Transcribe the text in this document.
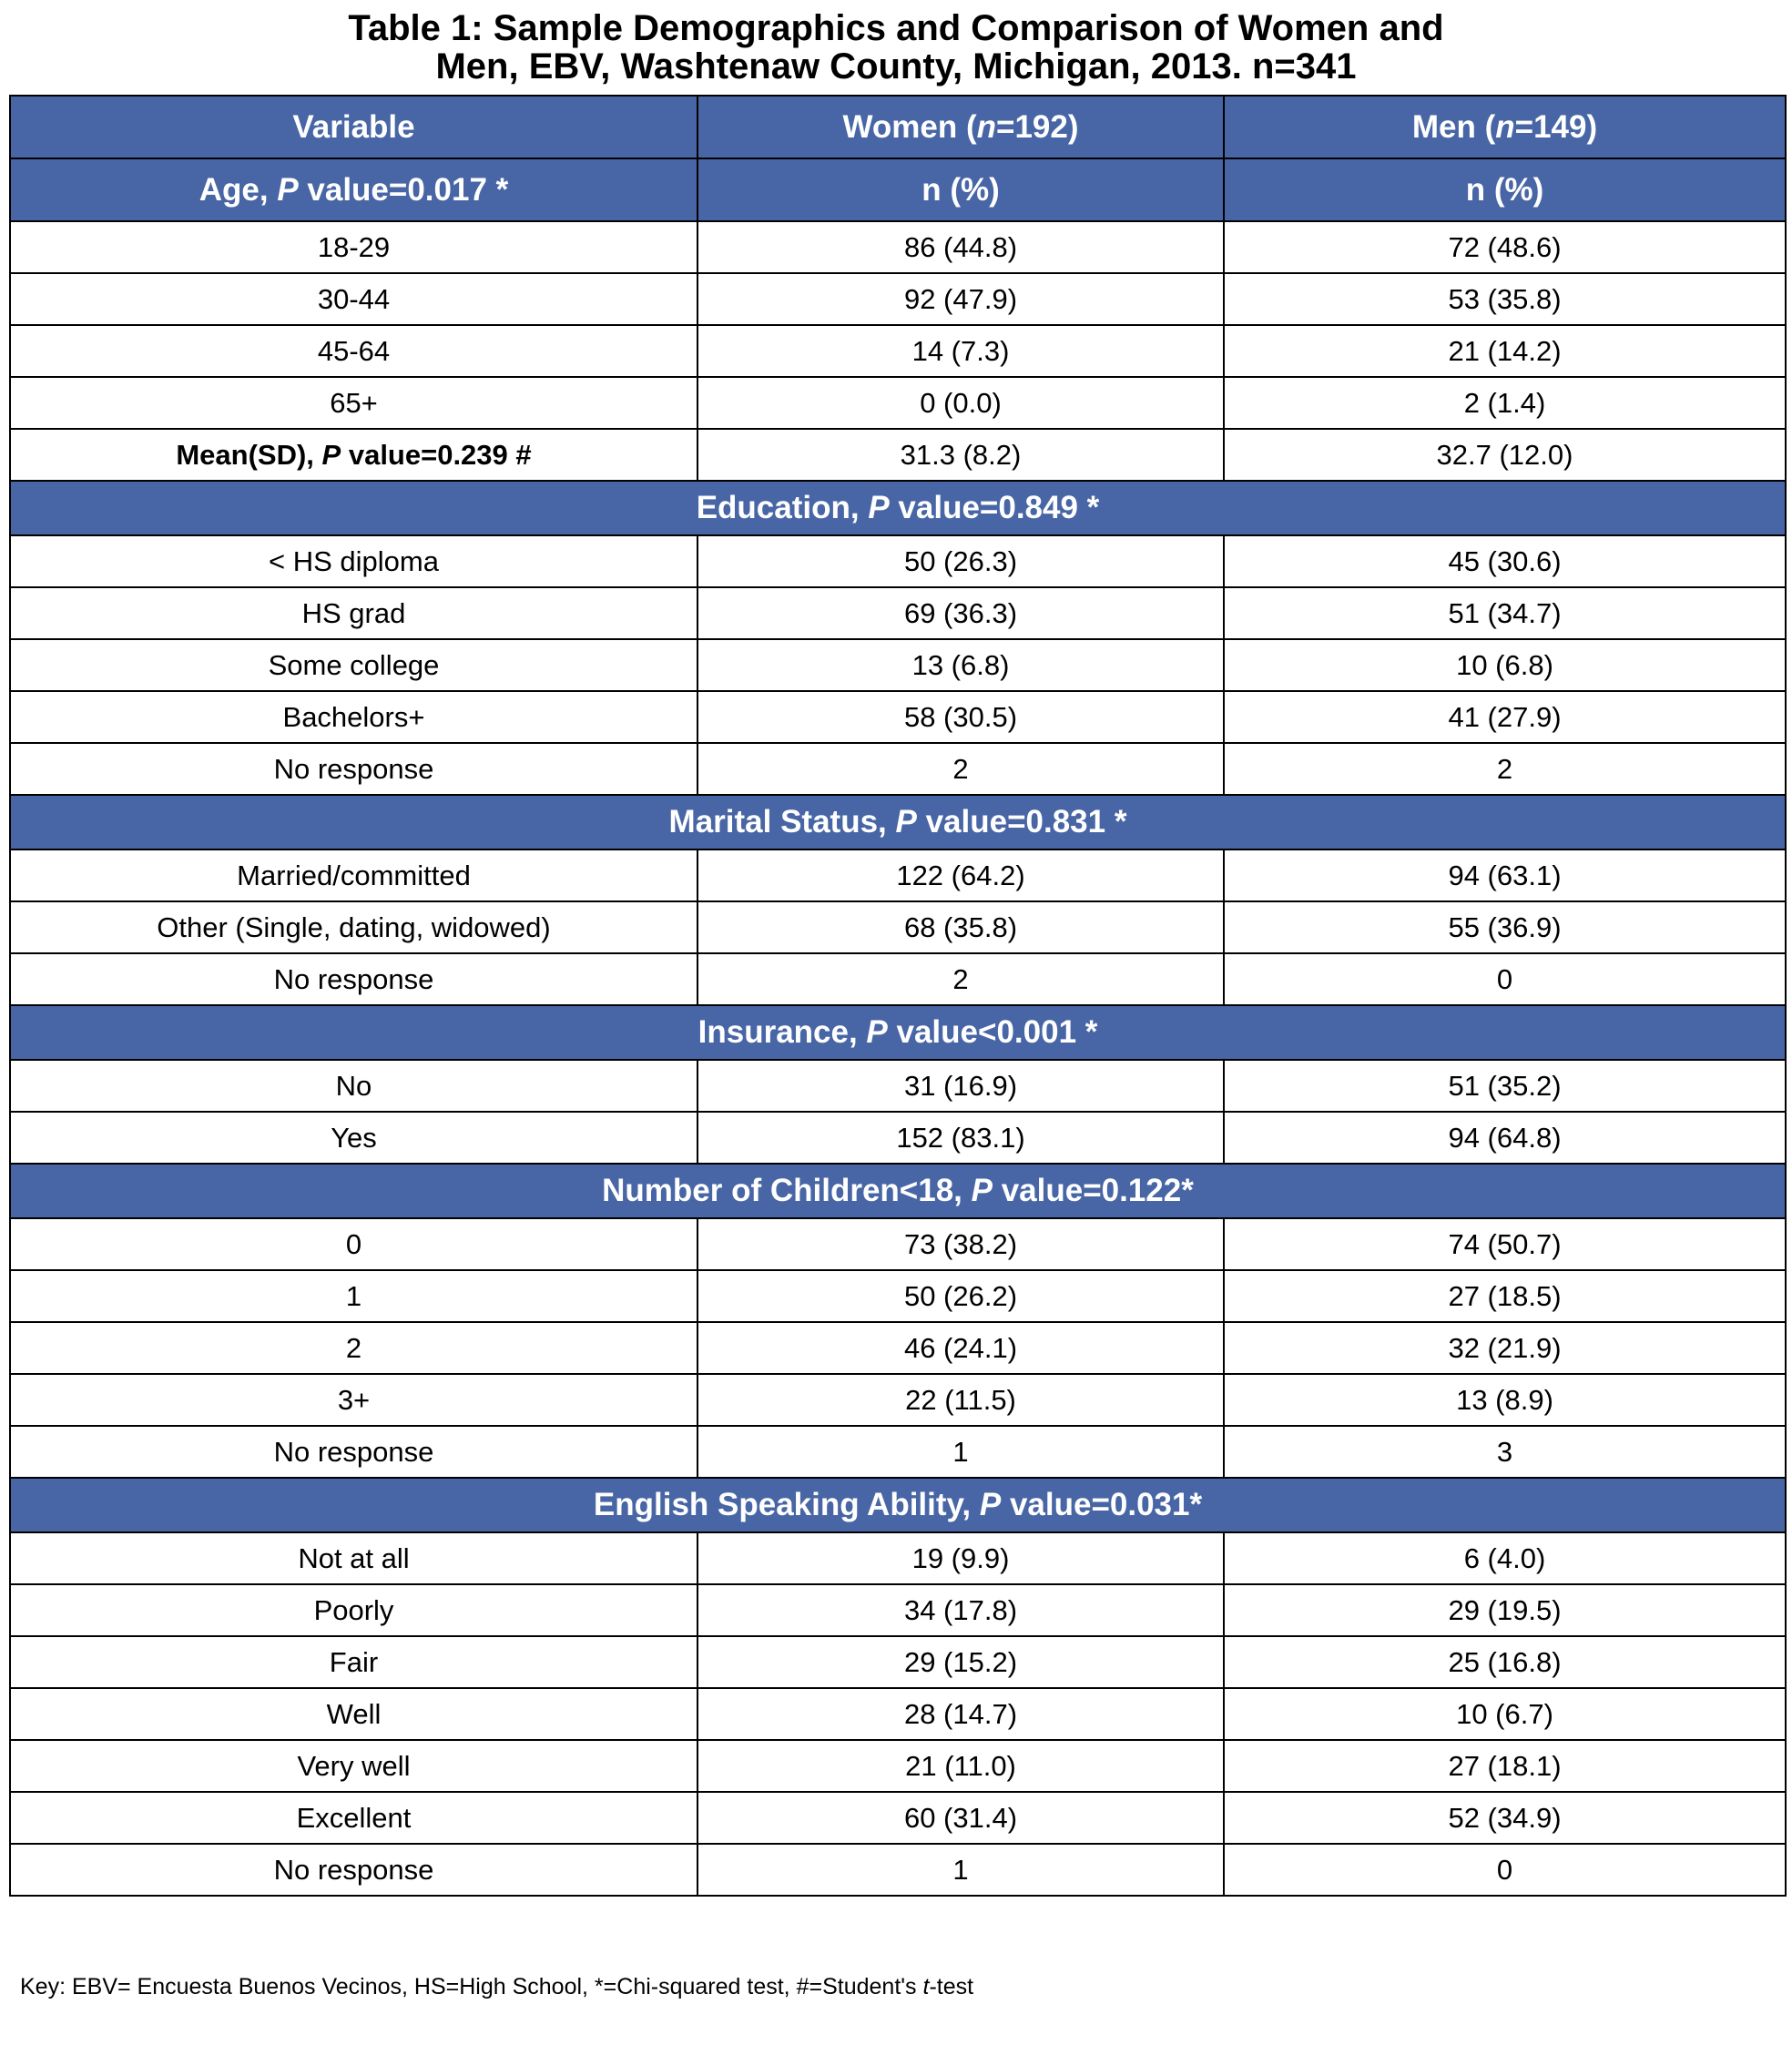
Table 1: Sample Demographics and Comparison of Women and
Men, EBV, Washtenaw County, Michigan, 2013. n=341
Variable	Women (n=192)	Men (n=149)
Age, P value=0.017 *	n (%)	n (%)
18-29	86 (44.8)	72 (48.6)
30-44	92 (47.9)	53 (35.8)
45-64	14 (7.3)	21 (14.2)
65+	0 (0.0)	2 (1.4)
Mean(SD), P value=0.239 #	31.3 (8.2)	32.7 (12.0)
Education, P value=0.849 *		
< HS diploma	50 (26.3)	45 (30.6)
HS grad	69 (36.3)	51 (34.7)
Some college	13 (6.8)	10 (6.8)
Bachelors+	58 (30.5)	41 (27.9)
No response	2	2
Marital Status, P value=0.831 *		
Married/committed	122 (64.2)	94 (63.1)
Other (Single, dating, widowed)	68 (35.8)	55 (36.9)
No response	2	0
Insurance, P value<0.001 *		
No	31 (16.9)	51 (35.2)
Yes	152 (83.1)	94 (64.8)
Number of Children<18, P value=0.122*		
0	73 (38.2)	74 (50.7)
1	50 (26.2)	27 (18.5)
2	46 (24.1)	32 (21.9)
3+	22 (11.5)	13 (8.9)
No response	1	3
English Speaking Ability, P value=0.031*		
Not at all	19 (9.9)	6 (4.0)
Poorly	34 (17.8)	29 (19.5)
Fair	29 (15.2)	25 (16.8)
Well	28 (14.7)	10 (6.7)
Very well	21 (11.0)	27 (18.1)
Excellent	60 (31.4)	52 (34.9)
No response	1	0
Key: EBV= Encuesta Buenos Vecinos, HS=High School, *=Chi-squared test, #=Student's t-test
